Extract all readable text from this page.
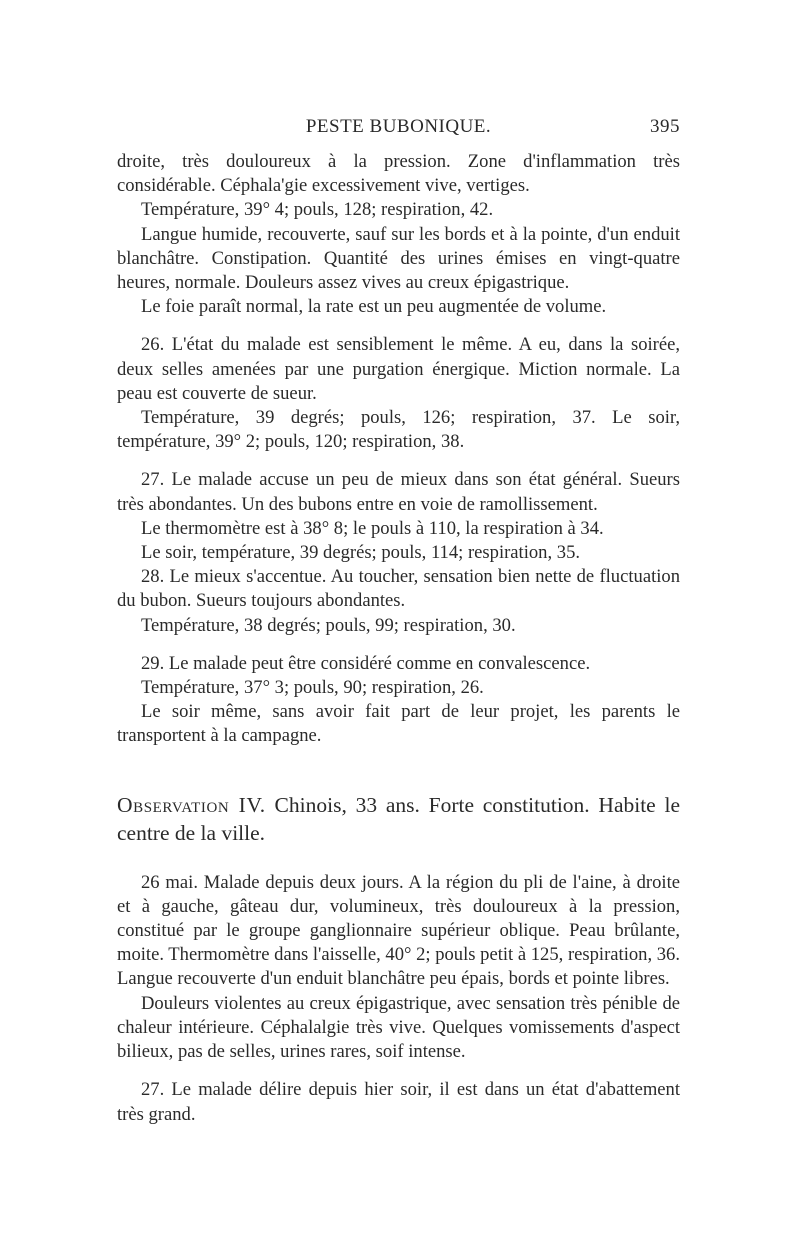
PESTE BUBONIQUE.	395

droite, très douloureux à la pression. Zone d'inflammation très considérable. Céphala'gie excessivement vive, vertiges.

Température, 39° 4; pouls, 128; respiration, 42.

Langue humide, recouverte, sauf sur les bords et à la pointe, d'un enduit blanchâtre. Constipation. Quantité des urines émises en vingt-quatre heures, normale. Douleurs assez vives au creux épigastrique.

Le foie paraît normal, la rate est un peu augmentée de volume.

26. L'état du malade est sensiblement le même. A eu, dans la soirée, deux selles amenées par une purgation énergique. Miction normale. La peau est couverte de sueur.

Température, 39 degrés; pouls, 126; respiration, 37. Le soir, température, 39° 2; pouls, 120; respiration, 38.

27. Le malade accuse un peu de mieux dans son état général. Sueurs très abondantes. Un des bubons entre en voie de ramollissement.

Le thermomètre est à 38° 8; le pouls à 110, la respiration à 34.

Le soir, température, 39 degrés; pouls, 114; respiration, 35.

28. Le mieux s'accentue. Au toucher, sensation bien nette de fluctuation du bubon. Sueurs toujours abondantes.

Température, 38 degrés; pouls, 99; respiration, 30.

29. Le malade peut être considéré comme en convalescence.

Température, 37° 3; pouls, 90; respiration, 26.

Le soir même, sans avoir fait part de leur projet, les parents le transportent à la campagne.

Observation IV. Chinois, 33 ans. Forte constitution. Habite le centre de la ville.

26 mai. Malade depuis deux jours. A la région du pli de l'aine, à droite et à gauche, gâteau dur, volumineux, très douloureux à la pression, constitué par le groupe ganglionnaire supérieur oblique. Peau brûlante, moite. Thermomètre dans l'aisselle, 40° 2; pouls petit à 125, respiration, 36. Langue recouverte d'un enduit blanchâtre peu épais, bords et pointe libres.

Douleurs violentes au creux épigastrique, avec sensation très pénible de chaleur intérieure. Céphalalgie très vive. Quelques vomissements d'aspect bilieux, pas de selles, urines rares, soif intense.

27. Le malade délire depuis hier soir, il est dans un état d'abattement très grand.
